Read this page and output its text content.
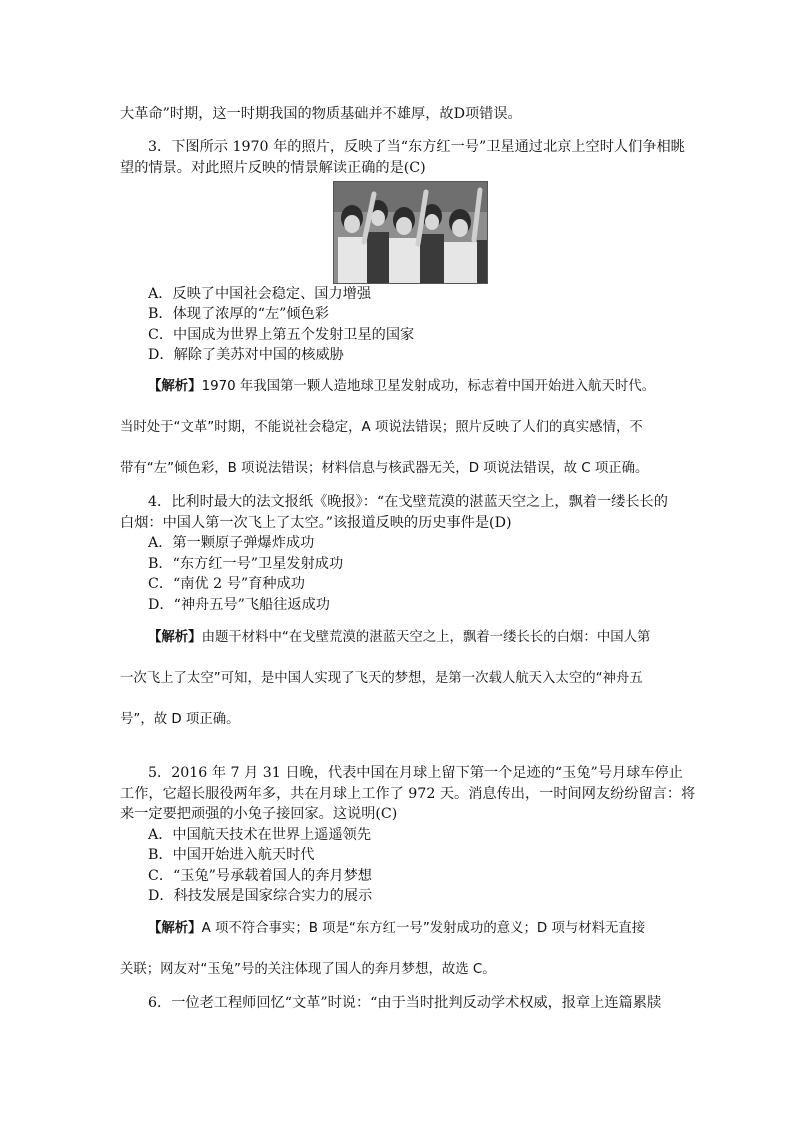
大革命”时期，这一时期我国的物质基础并不雄厚，故D项错误。
3．下图所示 1970 年的照片，反映了当“东方红一号”卫星通过北京上空时人们争相眺
望的情景。对此照片反映的情景解读正确的是(C)
A．反映了中国社会稳定、国力增强
B．体现了浓厚的“左”倾色彩
C．中国成为世界上第五个发射卫星的国家
D．解除了美苏对中国的核威胁
【解析】1970 年我国第一颗人造地球卫星发射成功，标志着中国开始进入航天时代。
当时处于“文革”时期，不能说社会稳定，A 项说法错误；照片反映了人们的真实感情，不
带有“左”倾色彩，B 项说法错误；材料信息与核武器无关，D 项说法错误，故 C 项正确。
4．比利时最大的法文报纸《晚报》：“在戈壁荒漠的湛蓝天空之上，飘着一缕长长的
白烟：中国人第一次飞上了太空。”该报道反映的历史事件是(D)
A．第一颗原子弹爆炸成功
B．“东方红一号”卫星发射成功
C．“南优 2 号”育种成功
D．“神舟五号”飞船往返成功
【解析】由题干材料中“在戈壁荒漠的湛蓝天空之上，飘着一缕长长的白烟：中国人第
一次飞上了太空”可知，是中国人实现了飞天的梦想，是第一次载人航天入太空的“神舟五
号”，故 D 项正确。
5．2016 年 7 月 31 日晚，代表中国在月球上留下第一个足迹的“玉兔”号月球车停止
工作，它超长服役两年多，共在月球上工作了 972 天。消息传出，一时间网友纷纷留言：将
来一定要把顽强的小兔子接回家。这说明(C)
A．中国航天技术在世界上遥遥领先
B．中国开始进入航天时代
C．“玉兔”号承载着国人的奔月梦想
D．科技发展是国家综合实力的展示
【解析】A 项不符合事实；B 项是“东方红一号”发射成功的意义；D 项与材料无直接
关联；网友对“玉兔”号的关注体现了国人的奔月梦想，故选 C。
6．一位老工程师回忆“文革”时说：“由于当时批判反动学术权威，报章上连篇累牍
